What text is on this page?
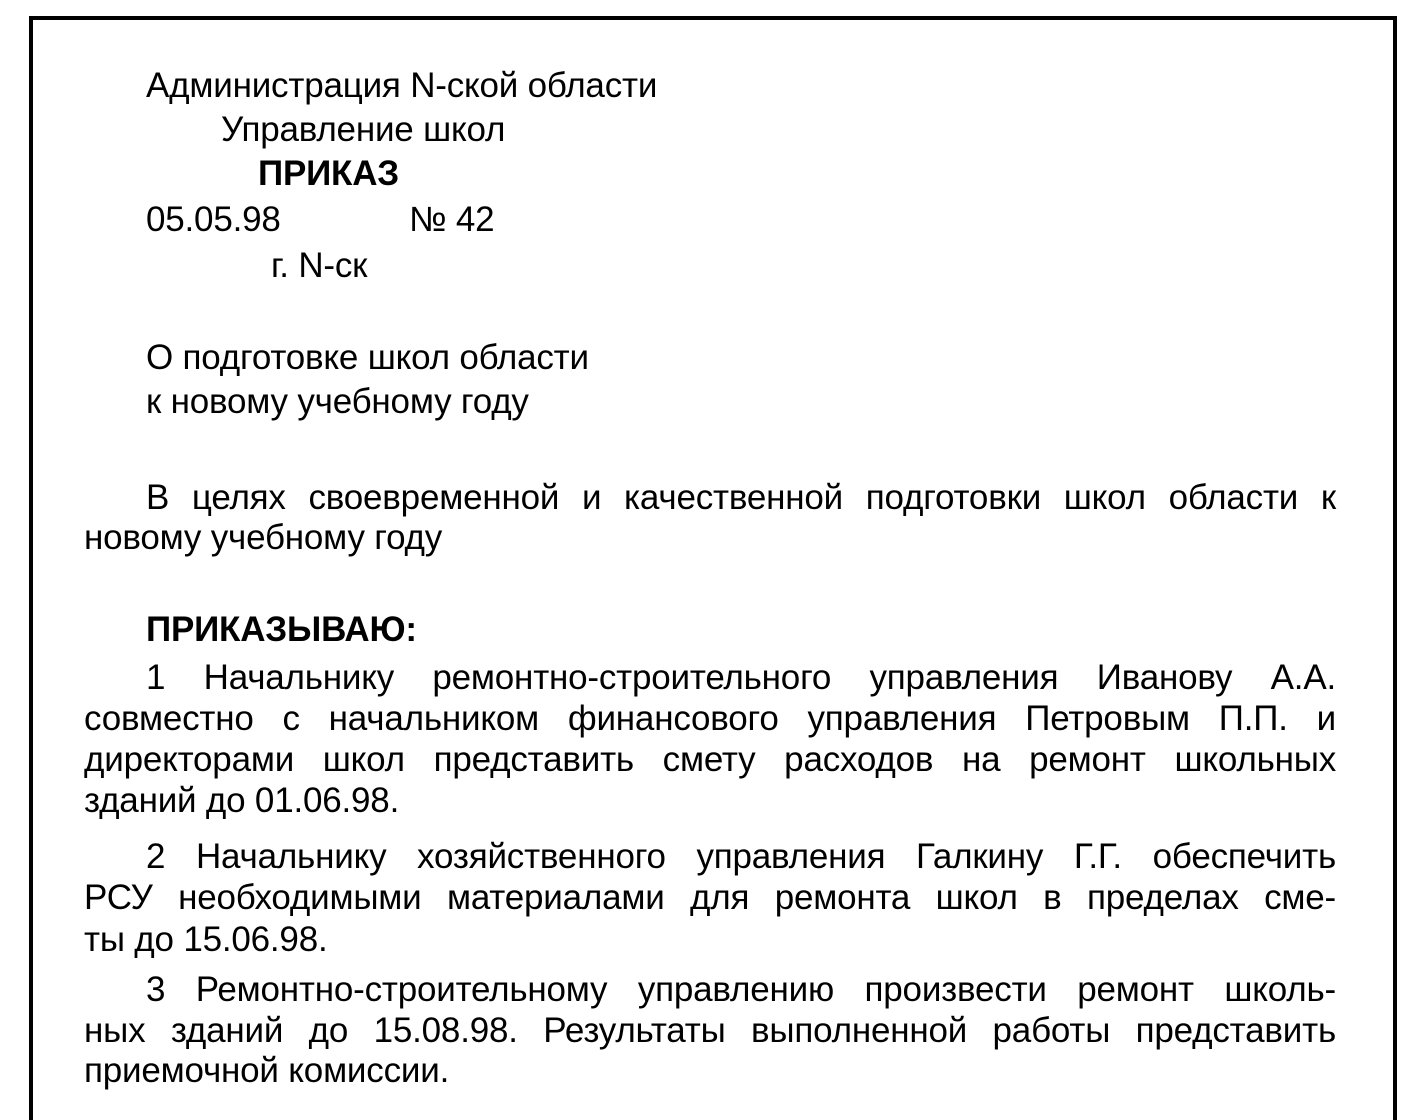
Администрация N-ской области
Управление школ
ПРИКАЗ
05.05.98	№ 42
г. N-ск
О подготовке школ области
к новому учебному году
В целях своевременной и качественной подготовки школ области к
новому учебному году
ПРИКАЗЫВАЮ:
1 Начальнику ремонтно-строительного управления Иванову А.А.
совместно с начальником финансового управления Петровым П.П. и
директорами школ представить смету расходов на ремонт школьных
зданий до 01.06.98.
2 Начальнику хозяйственного управления Галкину Г.Г. обеспечить
РСУ необходимыми материалами для ремонта школ в пределах сме-
ты до 15.06.98.
3 Ремонтно-строительному управлению произвести ремонт школь-
ных зданий до 15.08.98. Результаты выполненной работы представить
приемочной комиссии.
